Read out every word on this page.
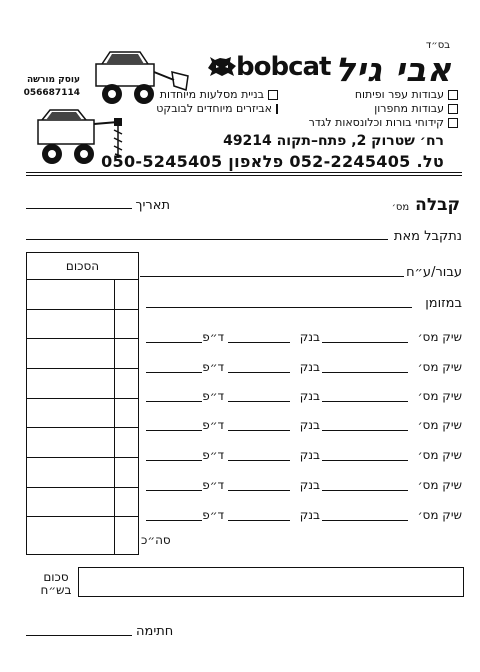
בס״ד
אבי גיל
bobcat
עוסק מורשה
056687114	עבודות עפר ופיתוח
עבודות מחפרון
קידוחי בורות וכלונסאות לגדר
בניית מסלעות מיוחדות
אביזרים מיוחדים לבובקט
רח׳ שטרוק 2, פתח–תקוה 49214
טל. 052-2245405 פלאפון 050-5245405
קבלה מס׳
תאריך
נתקבל מאת
עבור/ע״ח
במזומן
הסכום
שיק מס׳
בנק
ד״פ
שיק מס׳
בנק
ד״פ
שיק מס׳
בנק
ד״פ
שיק מס׳
בנק
ד״פ
שיק מס׳
בנק
ד״פ
שיק מס׳
בנק
ד״פ
שיק מס׳
בנק
ד״פ
סה״כ
סכום
בש״ח
חתימה
